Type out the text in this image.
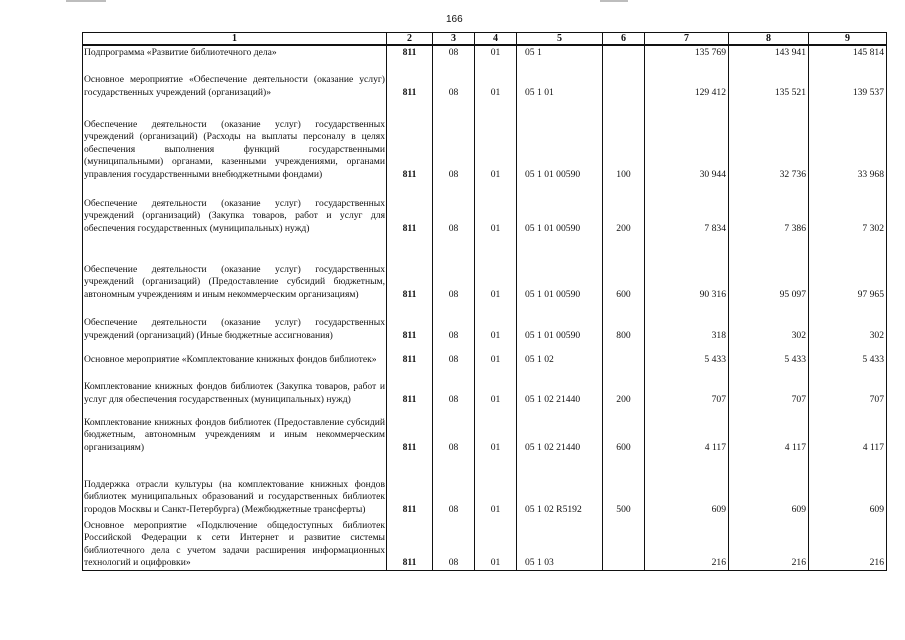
166
1	2	3	4	5	6	7	8	9
Подпрограмма «Развитие библиотечного дела»	811	08	01	05 1		135 769	143 941	145 814
Основное мероприятие «Обеспечение деятельности (оказание услуг) государственных учреждений (организаций)»	811	08	01	05 1 01		129 412	135 521	139 537
Обеспечение деятельности (оказание услуг) государственных учреждений (организаций) (Расходы на выплаты персоналу в целях обеспечения выполнения функций государственными (муниципальными) органами, казенными учреждениями, органами управления государственными внебюджетными фондами)	811	08	01	05 1 01 00590	100	30 944	32 736	33 968
Обеспечение деятельности (оказание услуг) государственных учреждений (организаций) (Закупка товаров, работ и услуг для обеспечения государственных (муниципальных) нужд)	811	08	01	05 1 01 00590	200	7 834	7 386	7 302
Обеспечение деятельности (оказание услуг) государственных учреждений (организаций) (Предоставление субсидий бюджетным, автономным учреждениям и иным некоммерческим организациям)	811	08	01	05 1 01 00590	600	90 316	95 097	97 965
Обеспечение деятельности (оказание услуг) государственных учреждений (организаций) (Иные бюджетные ассигнования)	811	08	01	05 1 01 00590	800	318	302	302
Основное мероприятие «Комплектование книжных фондов библиотек»	811	08	01	05 1 02		5 433	5 433	5 433
Комплектование книжных фондов библиотек (Закупка товаров, работ и услуг для обеспечения государственных (муниципальных) нужд)	811	08	01	05 1 02 21440	200	707	707	707
Комплектование книжных фондов библиотек (Предоставление субсидий бюджетным, автономным учреждениям и иным некоммерческим организациям)	811	08	01	05 1 02 21440	600	4 117	4 117	4 117
Поддержка отрасли культуры (на комплектование книжных фондов библиотек муниципальных образований и государственных библиотек городов Москвы и Санкт-Петербурга) (Межбюджетные трансферты)	811	08	01	05 1 02 R5192	500	609	609	609
Основное мероприятие «Подключение общедоступных библиотек Российской Федерации к сети Интернет и развитие системы библиотечного дела с учетом задачи расширения информационных технологий и оцифровки»	811	08	01	05 1 03		216	216	216
